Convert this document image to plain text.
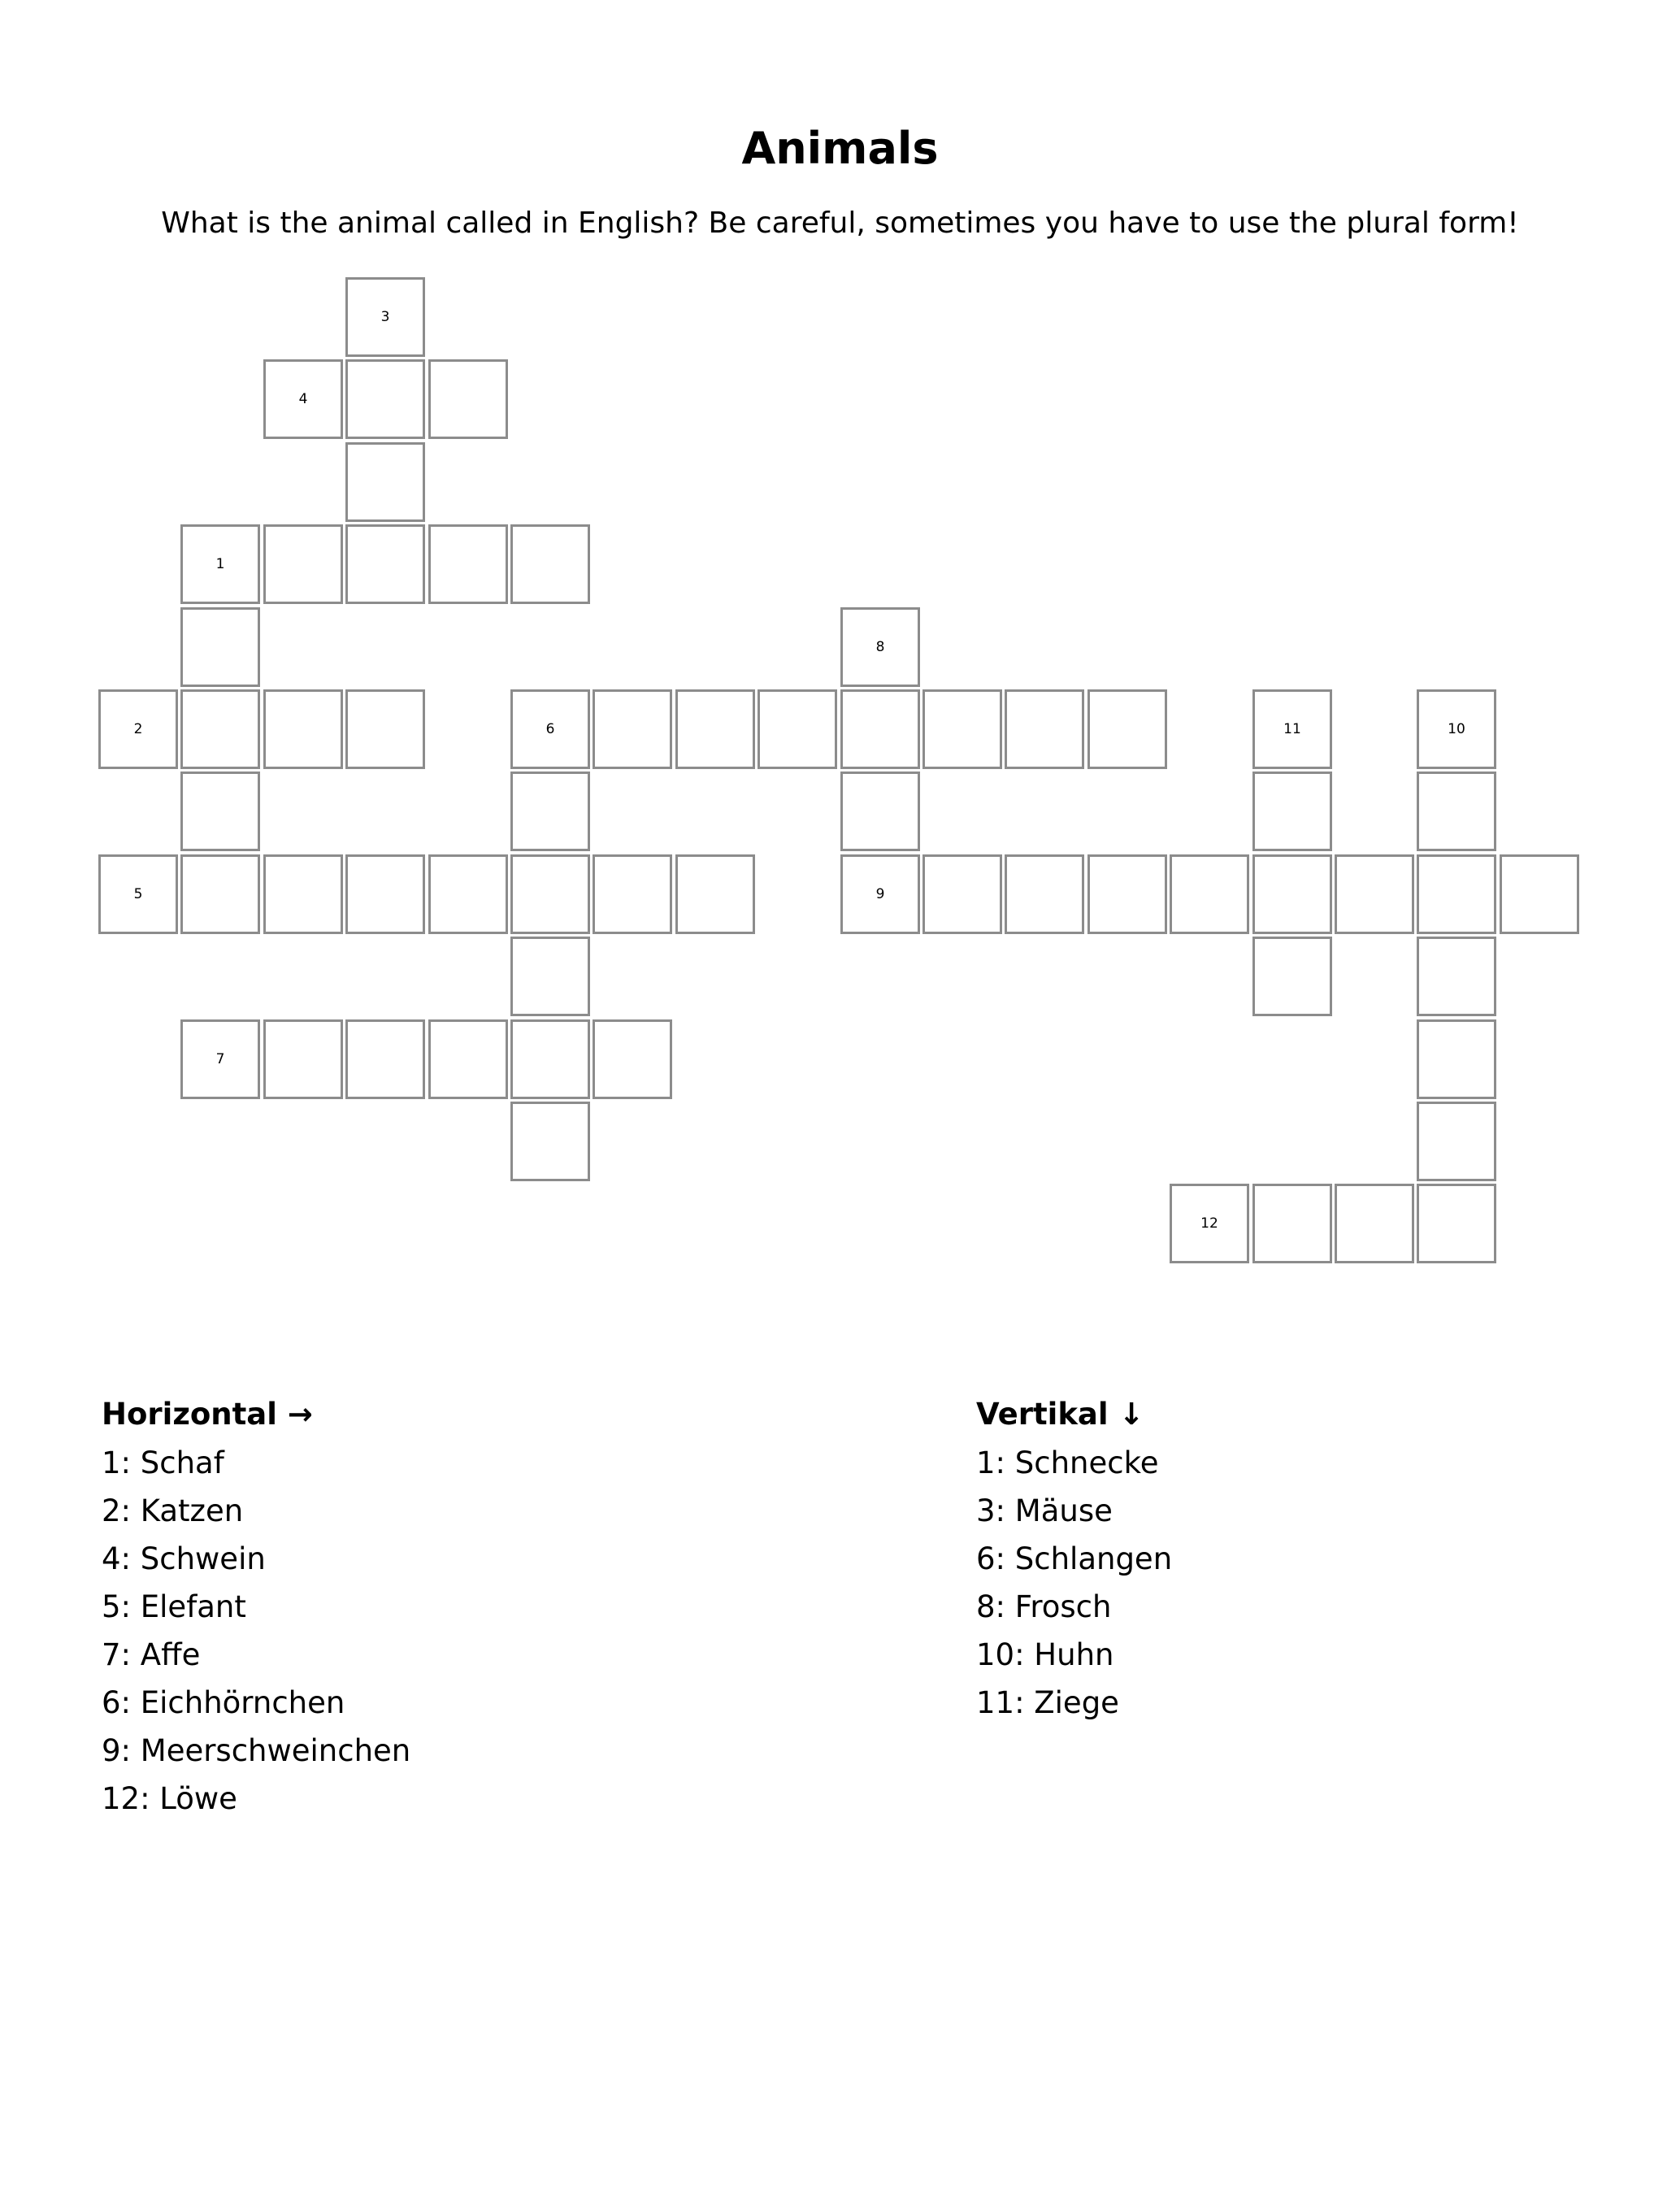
Animals
What is the animal called in English? Be careful, sometimes you have to use the plural form!
3
4
1
8
2	6	11	10
5	9
7
12
Horizontal →
1: Schaf
2: Katzen
4: Schwein
5: Elefant
7: Affe
6: Eichhörnchen
9: Meerschweinchen
12: Löwe
Vertikal ↓
1: Schnecke
3: Mäuse
6: Schlangen
8: Frosch
10: Huhn
11: Ziege
